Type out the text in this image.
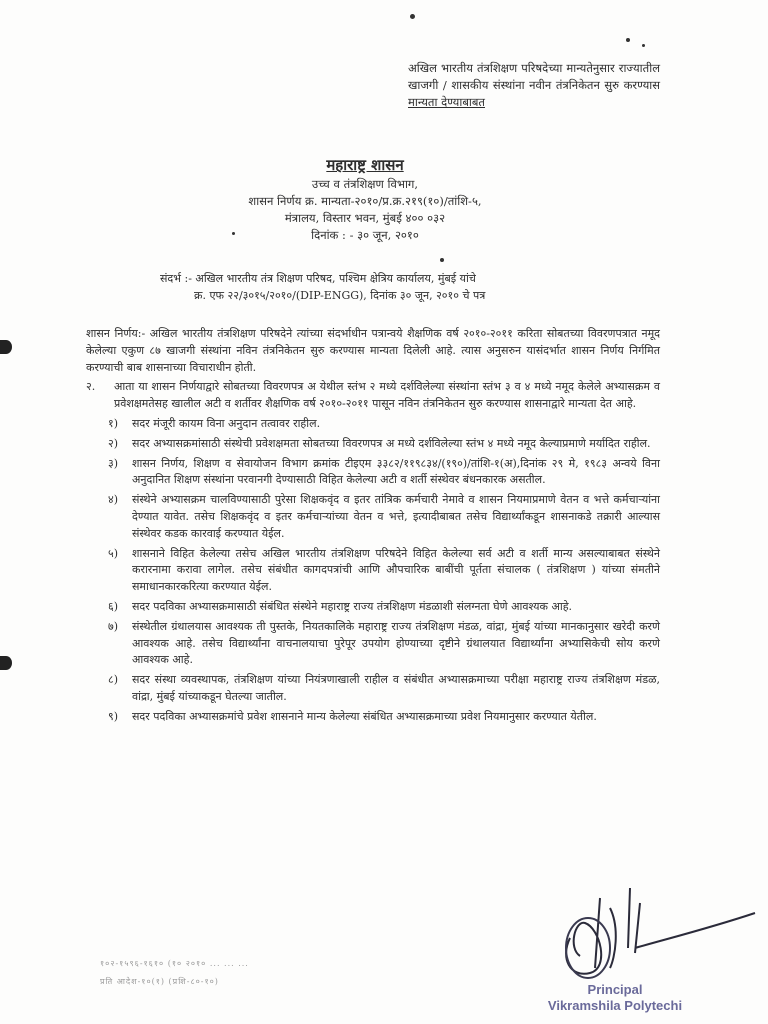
अखिल भारतीय तंत्रशिक्षण परिषदेच्या मान्यतेनुसार राज्यातील खाजगी / शासकीय संस्थांना नवीन तंत्रनिकेतन सुरु करण्यास मान्यता देण्याबाबत
महाराष्ट्र शासन
उच्च व तंत्रशिक्षण विभाग,
शासन निर्णय क्र. मान्यता-२०१०/प्र.क्र.२१९(१०)/तांशि-५,
मंत्रालय, विस्तार भवन, मुंबई ४०० ०३२
दिनांक : - ३० जून, २०१०
संदर्भ :- अखिल भारतीय तंत्र शिक्षण परिषद, पश्चिम क्षेत्रिय कार्यालय, मुंबई यांचे
क्र. एफ २२/३०१५/२०१०/(DIP-ENGG), दिनांक ३० जून, २०१० चे पत्र

शासन निर्णय:- अखिल भारतीय तंत्रशिक्षण परिषदेने त्यांच्या संदर्भाधीन पत्रान्वये शैक्षणिक वर्ष २०१०-२०११ करिता सोबतच्या विवरणपत्रात नमूद केलेल्या एकुण ८७ खाजगी संस्थांना नविन तंत्रनिकेतन सुरु करण्यास मान्यता दिलेली आहे. त्यास अनुसरुन यासंदर्भात शासन निर्णय निर्गमित करण्याची बाब शासनाच्या विचाराधीन होती.

२.	आता या शासन निर्णयाद्वारे सोबतच्या विवरणपत्र अ येथील स्तंभ २ मध्ये दर्शविलेल्या संस्थांना स्तंभ ३ व ४ मध्ये नमूद केलेले अभ्यासक्रम व प्रवेशक्षमतेसह खालील अटी व शर्तीवर शैक्षणिक वर्ष २०१०-२०११ पासून नविन तंत्रनिकेतन सुरु करण्यास शासनाद्वारे मान्यता देत आहे.
१)	सदर मंजूरी कायम विना अनुदान तत्वावर राहील.
२)	सदर अभ्यासक्रमांसाठी संस्थेची प्रवेशक्षमता सोबतच्या विवरणपत्र अ मध्ये दर्शविलेल्या स्तंभ ४ मध्ये नमूद केल्याप्रमाणे मर्यादित राहील.
३)	शासन निर्णय, शिक्षण व सेवायोजन विभाग क्रमांक टीइएम ३३८२/११९८३४/(१९०)/तांशि-१(अ),दिनांक २९ मे, १९८३ अन्वये विना अनुदानित शिक्षण संस्थांना परवानगी देण्यासाठी विहित केलेल्या अटी व शर्ती संस्थेवर बंधनकारक असतील.
४)	संस्थेने अभ्यासक्रम चालविण्यासाठी पुरेसा शिक्षकवृंद व इतर तांत्रिक कर्मचारी नेमावे व शासन नियमाप्रमाणे वेतन व भत्ते कर्मचाऱ्यांना देण्यात यावेत. तसेच शिक्षकवृंद व इतर कर्मचाऱ्यांच्या वेतन व भत्ते, इत्यादीबाबत तसेच विद्यार्थ्यांकडून शासनाकडे तक्रारी आल्यास संस्थेवर कडक कारवाई करण्यात येईल.
५)	शासनाने विहित केलेल्या तसेच अखिल भारतीय तंत्रशिक्षण परिषदेने विहित केलेल्या सर्व अटी व शर्ती मान्य असल्याबाबत संस्थेने करारनामा करावा लागेल. तसेच संबंधीत कागदपत्रांची आणि औपचारिक बाबींची पूर्तता संचालक ( तंत्रशिक्षण ) यांच्या संमतीने समाधानकारकरित्या करण्यात येईल.
६)	सदर पदविका अभ्यासक्रमासाठी संबंधित संस्थेने महाराष्ट्र राज्य तंत्रशिक्षण मंडळाशी संलग्नता घेणे आवश्यक आहे.
७)	संस्थेतील ग्रंथालयास आवश्यक ती पुस्तके, नियतकालिके महाराष्ट्र राज्य तंत्रशिक्षण मंडळ, वांद्रा, मुंबई यांच्या मानकानुसार खरेदी करणे आवश्यक आहे. तसेच विद्यार्थ्यांना वाचनालयाचा पुरेपूर उपयोग होण्याच्या दृष्टीने ग्रंथालयात विद्यार्थ्यांना अभ्यासिकेची सोय करणे आवश्यक आहे.
८)	सदर संस्था व्यवस्थापक, तंत्रशिक्षण यांच्या नियंत्रणाखाली राहील व संबंधीत अभ्यासक्रमाच्या परीक्षा महाराष्ट्र राज्य तंत्रशिक्षण मंडळ, वांद्रा, मुंबई यांच्याकडून घेतल्या जातील.
९)	सदर पदविका अभ्यासक्रमांचे प्रवेश शासनाने मान्य केलेल्या संबंधित अभ्यासक्रमाच्या प्रवेश नियमानुसार करण्यात येतील.
१०२-१५९६-१६१० (१० २०१० ... ... ...
प्रति आदेश-१०(१) (प्रशि-८०-१०)
Principal
Vikramshila Polytechi
